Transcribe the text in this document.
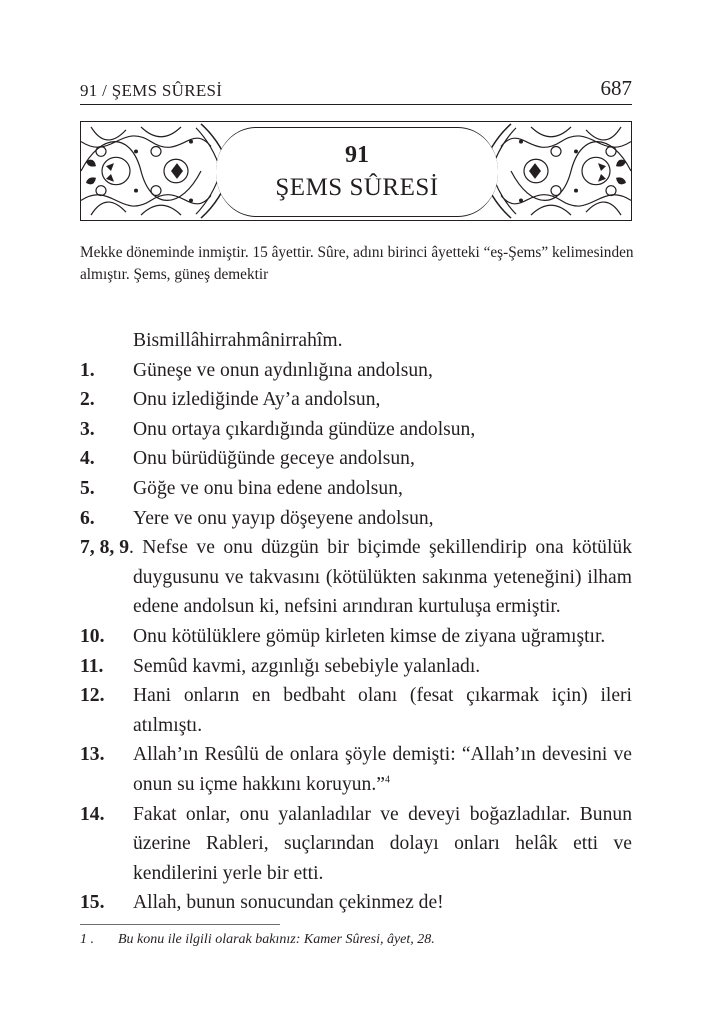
91 / ŞEMS SÛRESİ	687
91
ŞEMS SÛRESİ
Mekke döneminde inmiştir. 15 âyettir. Sûre, adını birinci âyetteki “eş-Şems” kelimesinden almıştır. Şems, güneş demektir
Bismillâhirrahmânirrahîm.
1. Güneşe ve onun aydınlığına andolsun,
2. Onu izlediğinde Ay’a andolsun,
3. Onu ortaya çıkardığında gündüze andolsun,
4. Onu bürüdüğünde geceye andolsun,
5. Göğe ve onu bina edene andolsun,
6. Yere ve onu yayıp döşeyene andolsun,
7, 8, 9. Nefse ve onu düzgün bir biçimde şekillendirip ona kötülük duygusunu ve takvasını (kötülükten sakınma yeteneğini) ilham edene andolsun ki, nefsini arındıran kurtuluşa ermiştir.
10. Onu kötülüklere gömüp kirleten kimse de ziyana uğramıştır.
11. Semûd kavmi, azgınlığı sebebiyle yalanladı.
12. Hani onların en bedbaht olanı (fesat çıkarmak için) ileri atılmıştı.
13. Allah’ın Resûlü de onlara şöyle demişti: “Allah’ın devesini ve onun su içme hakkını koruyun.”$^4$
14. Fakat onlar, onu yalanladılar ve deveyi boğazladılar. Bunun üzerine Rableri, suçlarından dolayı onları helâk etti ve kendilerini yerle bir etti.
15. Allah, bunun sonucundan çekinmez de!
1 . Bu konu ile ilgili olarak bakınız: Kamer Sûresi, âyet, 28.
